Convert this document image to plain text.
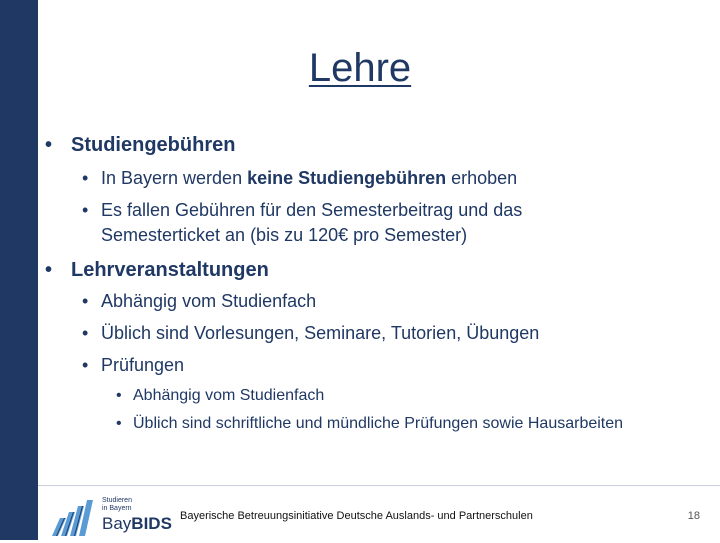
Lehre
• Studiengebühren
• In Bayern werden keine Studiengebühren erhoben
• Es fallen Gebühren für den Semesterbeitrag und das Semesterticket an (bis zu 120€ pro Semester)
• Lehrveranstaltungen
• Abhängig vom Studienfach
• Üblich sind Vorlesungen, Seminare, Tutorien, Übungen
• Prüfungen
• Abhängig vom Studienfach
• Üblich sind schriftliche und mündliche Prüfungen sowie Hausarbeiten
Studieren
in Bayern
BayBIDS Bayerische Betreuungsinitiative Deutsche Auslands- und Partnerschulen	18
